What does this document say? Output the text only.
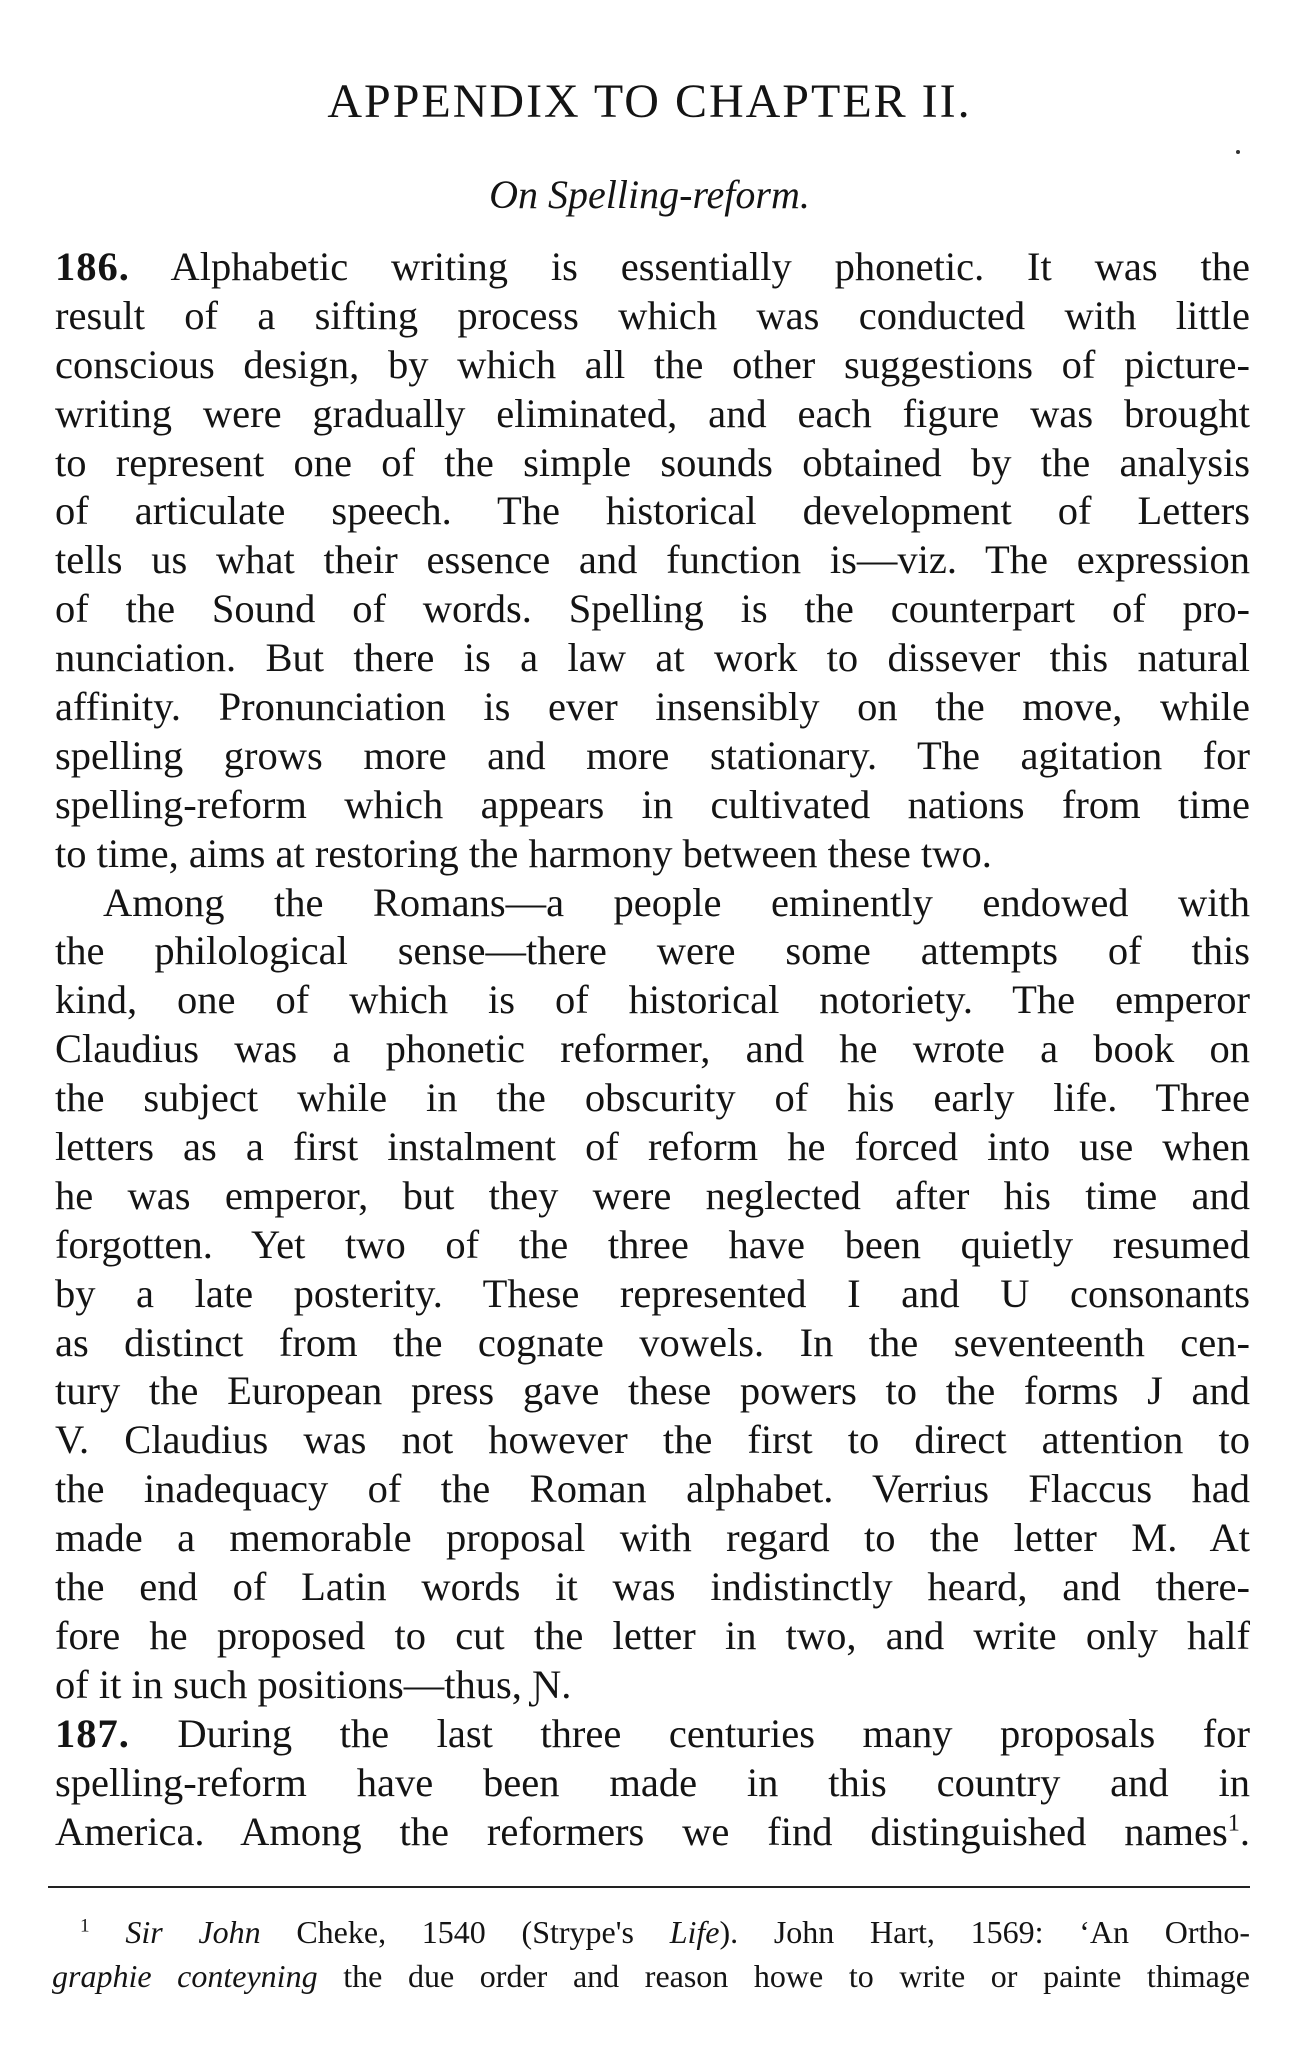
APPENDIX TO CHAPTER II.
On Spelling-reform.
186. Alphabetic writing is essentially phonetic. It was the
result of a sifting process which was conducted with little
conscious design, by which all the other suggestions of picture-
writing were gradually eliminated, and each figure was brought
to represent one of the simple sounds obtained by the analysis
of articulate speech. The historical development of Letters
tells us what their essence and function is—viz. The expression
of the Sound of words. Spelling is the counterpart of pro-
nunciation. But there is a law at work to dissever this natural
affinity. Pronunciation is ever insensibly on the move, while
spelling grows more and more stationary. The agitation for
spelling-reform which appears in cultivated nations from time
to time, aims at restoring the harmony between these two.
Among the Romans—a people eminently endowed with
the philological sense—there were some attempts of this
kind, one of which is of historical notoriety. The emperor
Claudius was a phonetic reformer, and he wrote a book on
the subject while in the obscurity of his early life. Three
letters as a first instalment of reform he forced into use when
he was emperor, but they were neglected after his time and
forgotten. Yet two of the three have been quietly resumed
by a late posterity. These represented I and U consonants
as distinct from the cognate vowels. In the seventeenth cen-
tury the European press gave these powers to the forms J and
V. Claudius was not however the first to direct attention to
the inadequacy of the Roman alphabet. Verrius Flaccus had
made a memorable proposal with regard to the letter M. At
the end of Latin words it was indistinctly heard, and there-
fore he proposed to cut the letter in two, and write only half
of it in such positions—thus, Ɲ.
187. During the last three centuries many proposals for
spelling-reform have been made in this country and in
America. Among the reformers we find distinguished names$^1$.
$^1$ Sir John Cheke, 1540 (Strype's Life). John Hart, 1569: ‘An Ortho-
graphie conteyning the due order and reason howe to write or painte thimage
